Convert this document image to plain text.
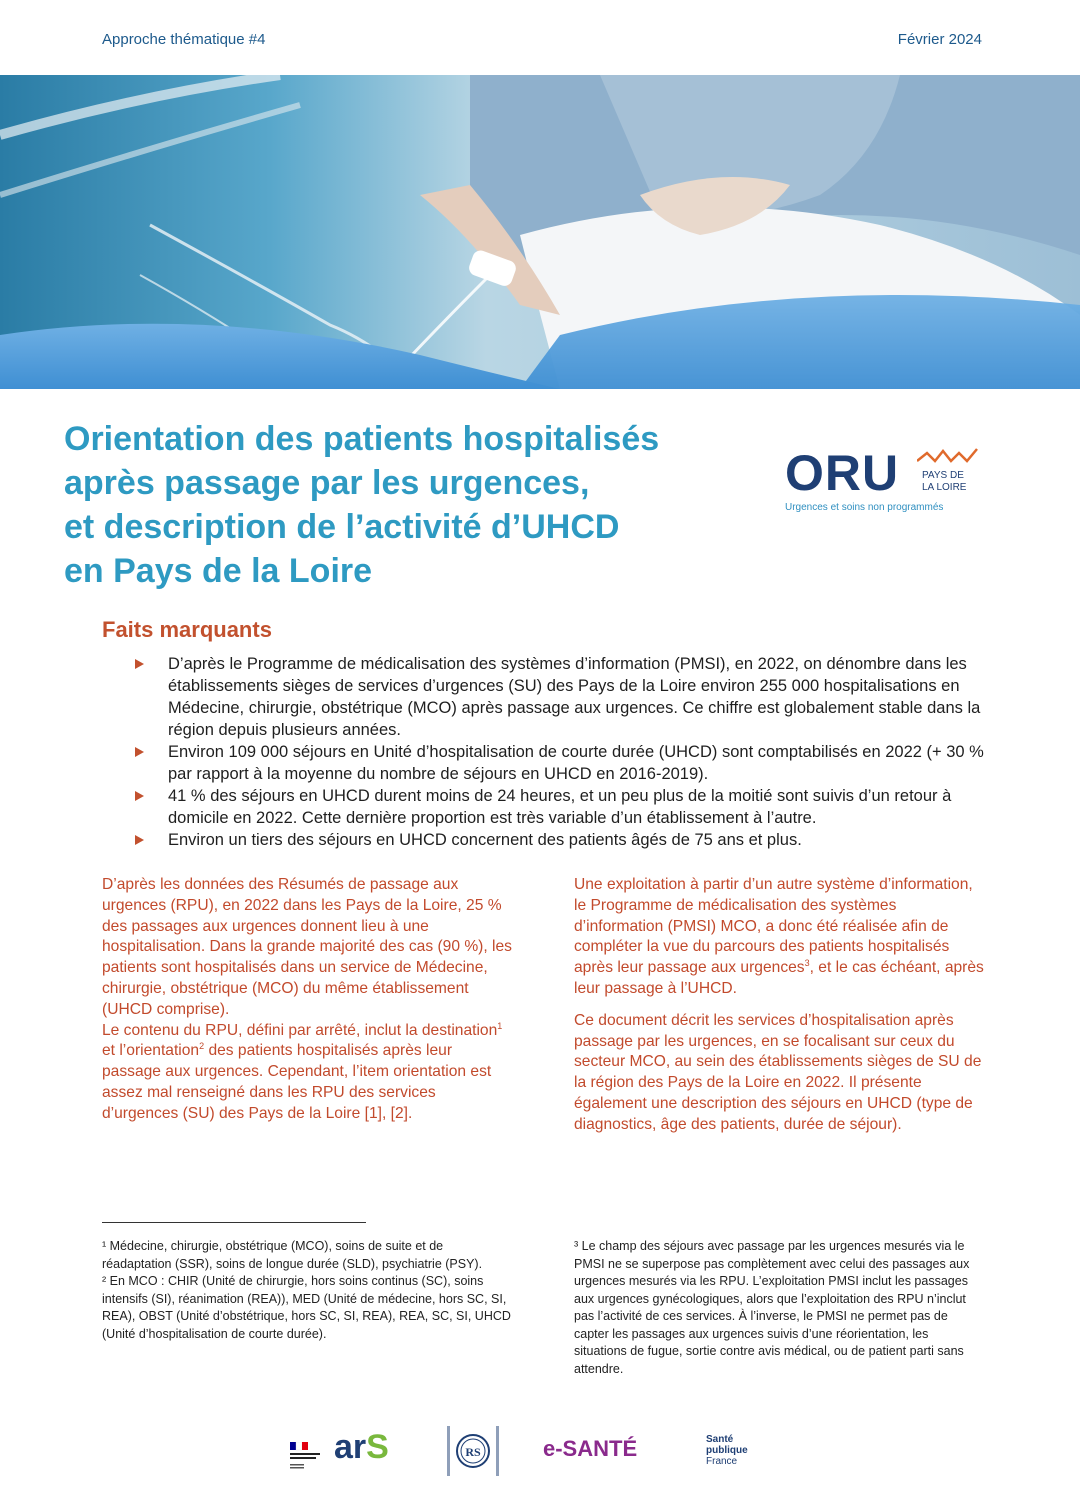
Approche thématique #4	Février 2024
Orientation des patients hospitalisés
après passage par les urgences,
et description de l’activité d’UHCD
en Pays de la Loire
ORU PAYS DE
LA LOIRE
Urgences et soins non programmés
Faits marquants
D’après le Programme de médicalisation des systèmes d’information (PMSI), en 2022, on dénombre dans les établissements sièges de services d’urgences (SU) des Pays de la Loire environ 255 000 hospitalisations en Médecine, chirurgie, obstétrique (MCO) après passage aux urgences. Ce chiffre est globalement stable dans la région depuis plusieurs années.
Environ 109 000 séjours en Unité d’hospitalisation de courte durée (UHCD) sont comptabilisés en 2022 (+ 30 % par rapport à la moyenne du nombre de séjours en UHCD en 2016-2019).
41 % des séjours en UHCD durent moins de 24 heures, et un peu plus de la moitié sont suivis d’un retour à domicile en 2022. Cette dernière proportion est très variable d’un établissement à l’autre.
Environ un tiers des séjours en UHCD concernent des patients âgés de 75 ans et plus.

D’après les données des Résumés de passage aux urgences (RPU), en 2022 dans les Pays de la Loire, 25 % des passages aux urgences donnent lieu à une hospitalisation. Dans la grande majorité des cas (90 %), les patients sont hospitalisés dans un service de Médecine, chirurgie, obstétrique (MCO) du même établissement (UHCD comprise).

Le contenu du RPU, défini par arrêté, inclut la destination$^1$ et l’orientation$^2$ des patients hospitalisés après leur passage aux urgences. Cependant, l’item orientation est assez mal renseigné dans les RPU des services d’urgences (SU) des Pays de la Loire [1], [2].

Une exploitation à partir d’un autre système d’information, le Programme de médicalisation des systèmes d’information (PMSI) MCO, a donc été réalisée afin de compléter la vue du parcours des patients hospitalisés après leur passage aux urgences$^3$, et le cas échéant, après leur passage à l’UHCD.

Ce document décrit les services d’hospitalisation après passage par les urgences, en se focalisant sur ceux du secteur MCO, au sein des établissements sièges de SU de la région des Pays de la Loire en 2022. Il présente également une description des séjours en UHCD (type de diagnostics, âge des patients, durée de séjour).

¹ Médecine, chirurgie, obstétrique (MCO), soins de suite et de réadaptation (SSR), soins de longue durée (SLD), psychiatrie (PSY).

² En MCO : CHIR (Unité de chirurgie, hors soins continus (SC), soins intensifs (SI), réanimation (REA)), MED (Unité de médecine, hors SC, SI, REA), OBST (Unité d’obstétrique, hors SC, SI, REA), REA, SC, SI, UHCD (Unité d’hospitalisation de courte durée).

³ Le champ des séjours avec passage par les urgences mesurés via le PMSI ne se superpose pas complètement avec celui des passages aux urgences mesurés via les RPU. L’exploitation PMSI inclut les passages aux urgences gynécologiques, alors que l’exploitation des RPU n’inclut pas l’activité de ces services. À l’inverse, le PMSI ne permet pas de capter les passages aux urgences suivis d’une réorientation, les situations de fugue, sortie contre avis médical, ou de patient parti sans attendre.

arS	RS	e-SANTÉ	Santé
publique
France
